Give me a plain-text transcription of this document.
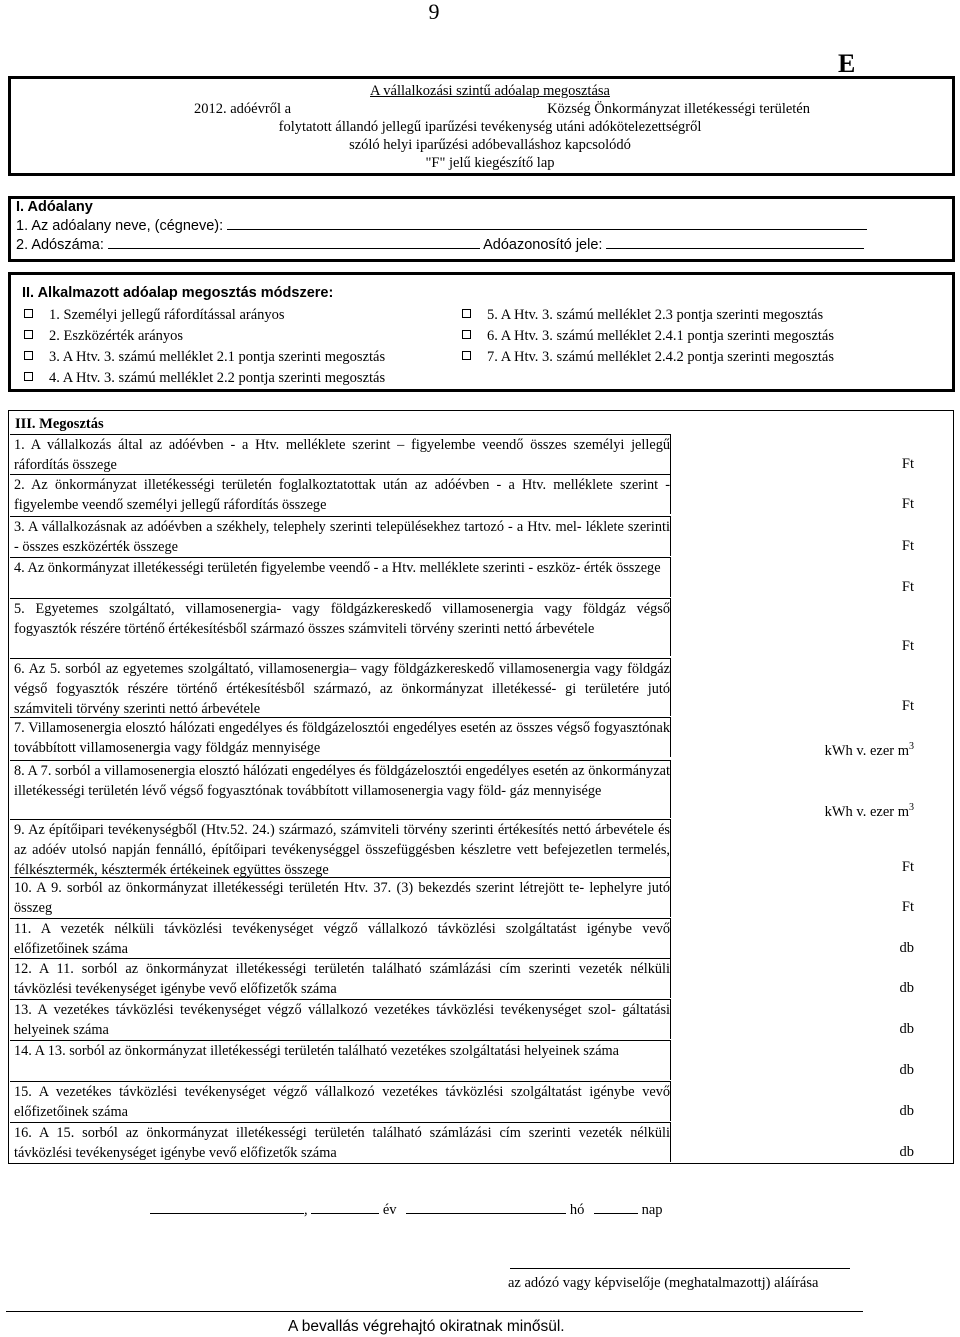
9
E
A vállalkozási szintű adóalap megosztása
2012. adóévről a	Község Önkormányzat illetékességi területén
folytatott állandó jellegű iparűzési tevékenység utáni adókötelezettségről
szóló helyi iparűzési adóbevalláshoz kapcsolódó
"F" jelű kiegészítő lap
I. Adóalany
1. Az adóalany neve, (cégneve):
2. Adószáma:	Adóazonosító jele:
II. Alkalmazott adóalap megosztás módszere:
1. Személyi jellegű ráfordítással arányos
2. Eszközérték arányos
3. A Htv. 3. számú melléklet 2.1 pontja szerinti megosztás
4. A Htv. 3. számú melléklet 2.2 pontja szerinti megosztás
5. A Htv. 3. számú melléklet 2.3 pontja szerinti megosztás
6. A Htv. 3. számú melléklet 2.4.1 pontja szerinti megosztás
7. A Htv. 3. számú melléklet 2.4.2 pontja szerinti megosztás
III. Megosztás
1. A vállalkozás által az adóévben - a Htv. melléklete szerint – figyelembe veendő összes személyi jellegű ráfordítás összege	Ft
2. Az önkormányzat illetékességi területén foglalkoztatottak után az adóévben - a Htv. melléklete szerint - figyelembe veendő személyi jellegű ráfordítás összege	Ft
3. A vállalkozásnak az adóévben a székhely, telephely szerinti településekhez tartozó - a Htv. mel- léklete szerinti - összes eszközérték összege	Ft
4. Az önkormányzat illetékességi területén figyelembe veendő - a Htv. melléklete szerinti - eszköz- érték összege
Ft
5. Egyetemes szolgáltató, villamosenergia- vagy földgázkereskedő villamosenergia vagy földgáz végső fogyasztók részére történő értékesítésből származó összes számviteli törvény szerinti nettó árbevétele
Ft
6. Az 5. sorból az egyetemes szolgáltató, villamosenergia– vagy földgázkereskedő villamosenergia vagy földgáz végső fogyasztók részére történő értékesítésből származó, az önkormányzat illetékessé- gi területére jutó számviteli törvény szerinti nettó árbevétele	Ft
7. Villamosenergia elosztó hálózati engedélyes és földgázelosztói engedélyes esetén az összes végső fogyasztónak továbbított villamosenergia vagy földgáz mennyisége	kWh v. ezer $m^3$
8. A 7. sorból a villamosenergia elosztó hálózati engedélyes és földgázelosztói engedélyes esetén az önkormányzat illetékességi területén lévő végső fogyasztónak továbbított villamosenergia vagy föld- gáz mennyisége
kWh v. ezer $m^3$
9. Az építőipari tevékenységből (Htv.52. 24.) származó, számviteli törvény szerinti értékesítés nettó árbevétele és az adóév utolsó napján fennálló, építőipari tevékenységgel összefüggésben készletre vett befejezetlen termelés, félkésztermék, késztermék értékeinek együttes összege	Ft
10. A 9. sorból az önkormányzat illetékességi területén Htv. 37. (3) bekezdés szerint létrejött te- lephelyre jutó összeg	Ft
11. A vezeték nélküli távközlési tevékenységet végző vállalkozó távközlési szolgáltatást igénybe vevő előfizetőinek száma	db
12. A 11. sorból az önkormányzat illetékességi területén található számlázási cím szerinti vezeték nélküli távközlési tevékenységet igénybe vevő előfizetők száma	db
13. A vezetékes távközlési tevékenységet végző vállalkozó vezetékes távközlési tevékenységet szol- gáltatási helyeinek száma	db
14. A 13. sorból az önkormányzat illetékességi területén található vezetékes szolgáltatási helyeinek száma
db
15. A vezetékes távközlési tevékenységet végző vállalkozó vezetékes távközlési szolgáltatást igénybe vevő előfizetőinek száma	db
16. A 15. sorból az önkormányzat illetékességi területén található számlázási cím szerinti vezeték nélküli távközlési tevékenységet igénybe vevő előfizetők száma	db
,	év	hó	nap
az adózó vagy képviselője (meghatalmazottj) aláírása
A bevallás végrehajtó okiratnak minősül.
